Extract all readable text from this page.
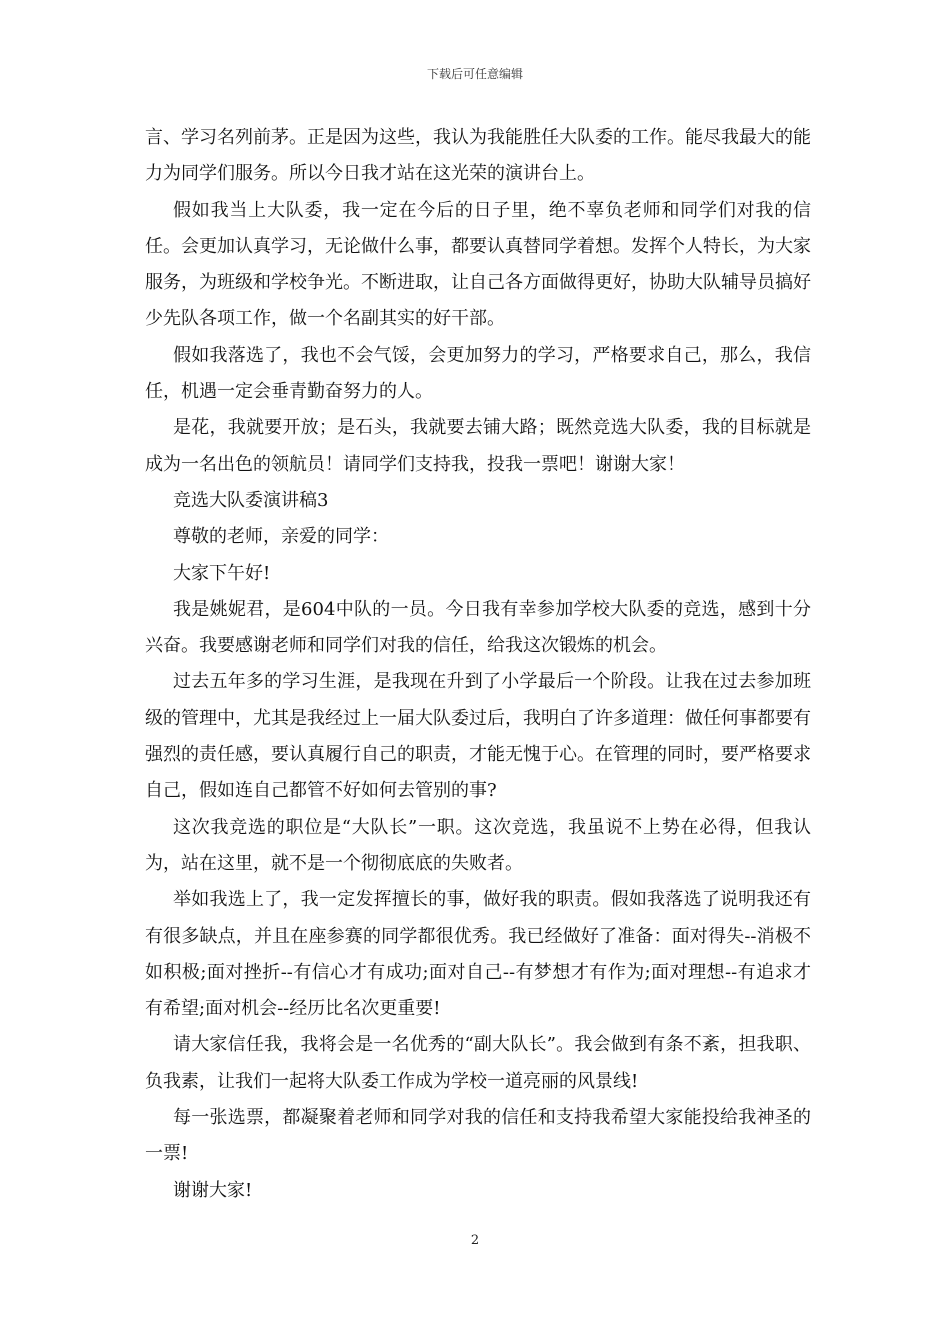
下载后可任意编辑

言、学习名列前茅。正是因为这些，我认为我能胜任大队委的工作。能尽我最大的能力为同学们服务。所以今日我才站在这光荣的演讲台上。

假如我当上大队委，我一定在今后的日子里，绝不辜负老师和同学们对我的信任。会更加认真学习，无论做什么事，都要认真替同学着想。发挥个人特长，为大家服务，为班级和学校争光。不断进取，让自己各方面做得更好，协助大队辅导员搞好少先队各项工作，做一个名副其实的好干部。

假如我落选了，我也不会气馁，会更加努力的学习，严格要求自己，那么，我信任，机遇一定会垂青勤奋努力的人。

是花，我就要开放；是石头，我就要去铺大路；既然竞选大队委，我的目标就是成为一名出色的领航员！请同学们支持我，投我一票吧！谢谢大家！

竞选大队委演讲稿3

尊敬的老师，亲爱的同学：

大家下午好!

我是姚妮君，是604中队的一员。今日我有幸参加学校大队委的竞选，感到十分兴奋。我要感谢老师和同学们对我的信任，给我这次锻炼的机会。

过去五年多的学习生涯，是我现在升到了小学最后一个阶段。让我在过去参加班级的管理中，尤其是我经过上一届大队委过后，我明白了许多道理：做任何事都要有强烈的责任感，要认真履行自己的职责，才能无愧于心。在管理的同时，要严格要求自己，假如连自己都管不好如何去管别的事?

这次我竞选的职位是“大队长”一职。这次竞选，我虽说不上势在必得，但我认为，站在这里，就不是一个彻彻底底的失败者。

举如我选上了，我一定发挥擅长的事，做好我的职责。假如我落选了说明我还有有很多缺点，并且在座参赛的同学都很优秀。我已经做好了准备：面对得失--消极不如积极;面对挫折--有信心才有成功;面对自己--有梦想才有作为;面对理想--有追求才有希望;面对机会--经历比名次更重要!

请大家信任我，我将会是一名优秀的“副大队长”。我会做到有条不紊，担我职、负我素，让我们一起将大队委工作成为学校一道亮丽的风景线!

每一张选票，都凝聚着老师和同学对我的信任和支持我希望大家能投给我神圣的一票!

谢谢大家!

2
